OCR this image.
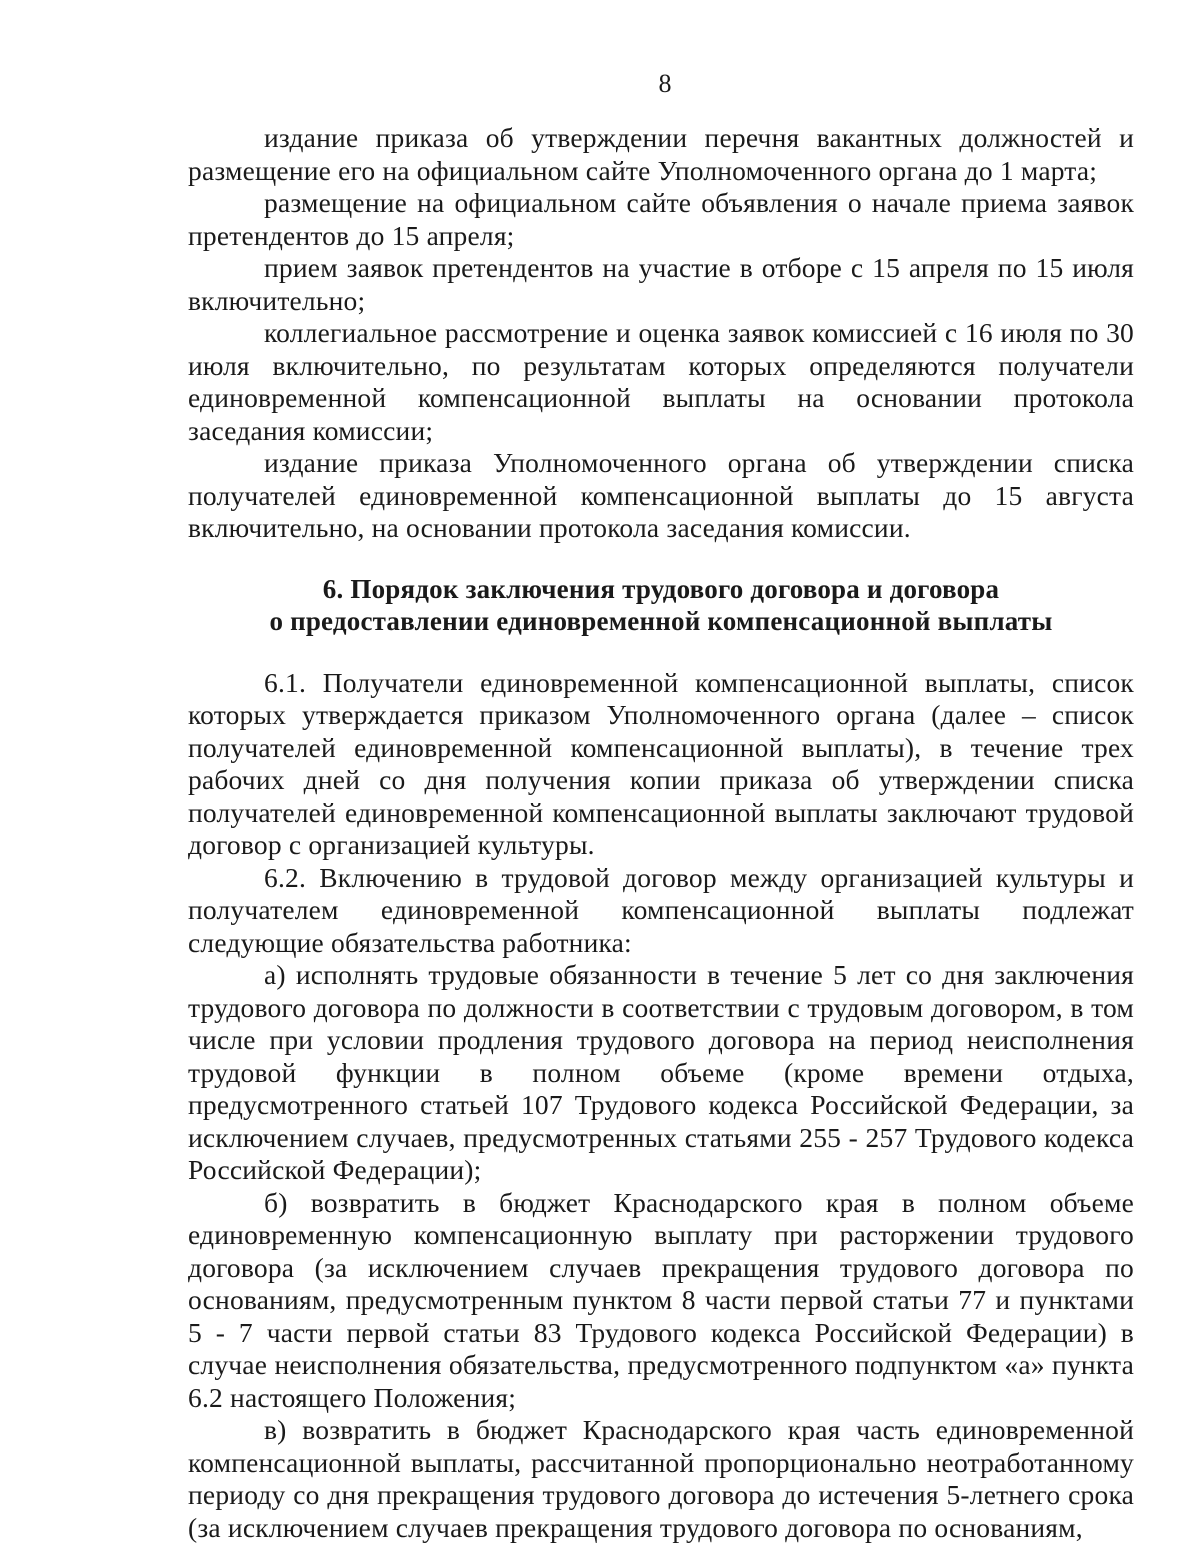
8

издание приказа об утверждении перечня вакантных должностей и размещение его на официальном сайте Уполномоченного органа до 1 марта;

размещение на официальном сайте объявления о начале приема заявок претендентов до 15 апреля;

прием заявок претендентов на участие в отборе с 15 апреля по 15 июля включительно;

коллегиальное рассмотрение и оценка заявок комиссией с 16 июля по 30 июля включительно, по результатам которых определяются получатели единовременной компенсационной выплаты на основании протокола заседания комиссии;

издание приказа Уполномоченного органа об утверждении списка получателей единовременной компенсационной выплаты до 15 августа включительно, на основании протокола заседания комиссии.

6. Порядок заключения трудового договора и договора
о предоставлении единовременной компенсационной выплаты

6.1. Получатели единовременной компенсационной выплаты, список которых утверждается приказом Уполномоченного органа (далее – список получателей единовременной компенсационной выплаты), в течение трех рабочих дней со дня получения копии приказа об утверждении списка получателей единовременной компенсационной выплаты заключают трудовой договор с организацией культуры.

6.2. Включению в трудовой договор между организацией культуры и получателем единовременной компенсационной выплаты подлежат следующие обязательства работника:

а) исполнять трудовые обязанности в течение 5 лет со дня заключения трудового договора по должности в соответствии с трудовым договором, в том числе при условии продления трудового договора на период неисполнения трудовой функции в полном объеме (кроме времени отдыха, предусмотренного статьей 107 Трудового кодекса Российской Федерации, за исключением случаев, предусмотренных статьями 255 - 257 Трудового кодекса Российской Федерации);

б) возвратить в бюджет Краснодарского края в полном объеме единовременную компенсационную выплату при расторжении трудового договора (за исключением случаев прекращения трудового договора по основаниям, предусмотренным пунктом 8 части первой статьи 77 и пунктами 5 - 7 части первой статьи 83 Трудового кодекса Российской Федерации) в случае неисполнения обязательства, предусмотренного подпунктом «а» пункта 6.2 настоящего Положения;

в) возвратить в бюджет Краснодарского края часть единовременной компенсационной выплаты, рассчитанной пропорционально неотработанному периоду со дня прекращения трудового договора до истечения 5-летнего срока (за исключением случаев прекращения трудового договора по основаниям,
